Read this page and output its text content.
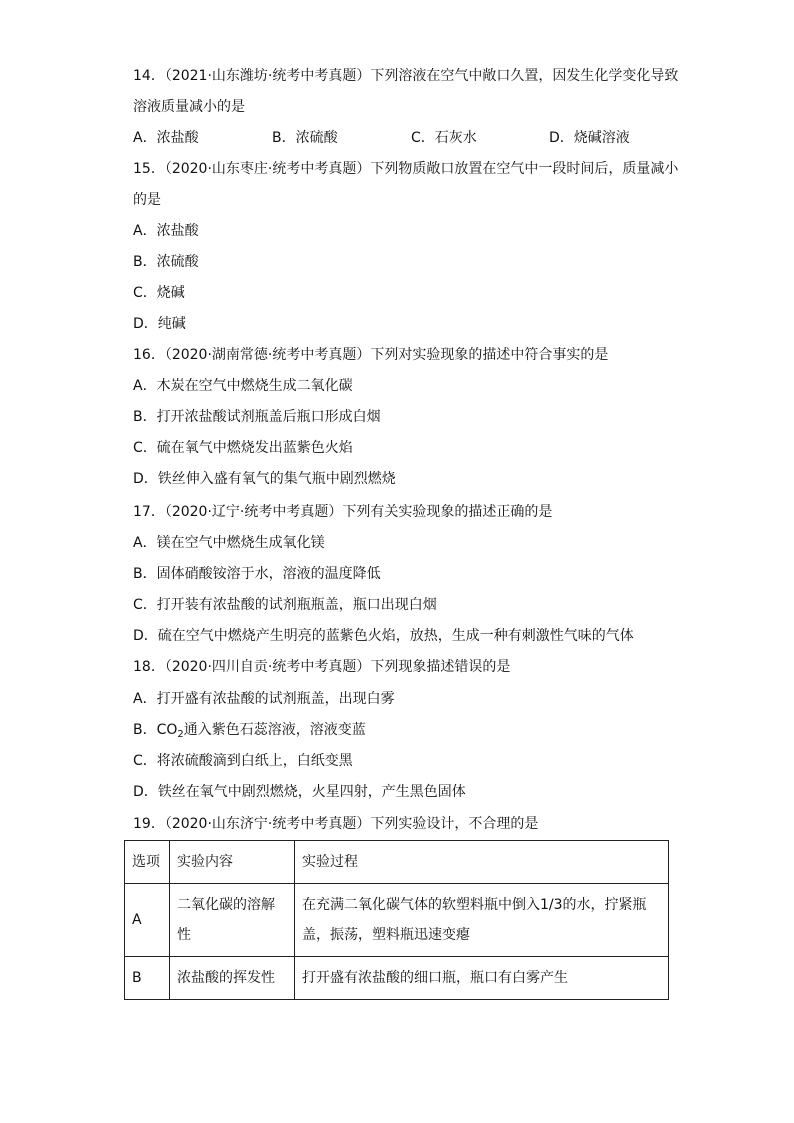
14．（2021·山东潍坊·统考中考真题）下列溶液在空气中敞口久置，因发生化学变化导致
溶液质量减小的是
A．浓盐酸	B．浓硫酸	C．石灰水	D．烧碱溶液
15．（2020·山东枣庄·统考中考真题）下列物质敞口放置在空气中一段时间后，质量减小
的是
A．浓盐酸
B．浓硫酸
C．烧碱
D．纯碱
16．（2020·湖南常德·统考中考真题）下列对实验现象的描述中符合事实的是
A．木炭在空气中燃烧生成二氧化碳
B．打开浓盐酸试剂瓶盖后瓶口形成白烟
C．硫在氧气中燃烧发出蓝紫色火焰
D．铁丝伸入盛有氧气的集气瓶中剧烈燃烧
17．（2020·辽宁·统考中考真题）下列有关实验现象的描述正确的是
A．镁在空气中燃烧生成氧化镁
B．固体硝酸铵溶于水，溶液的温度降低
C．打开装有浓盐酸的试剂瓶瓶盖，瓶口出现白烟
D．硫在空气中燃烧产生明亮的蓝紫色火焰，放热，生成一种有刺激性气味的气体
18．（2020·四川自贡·统考中考真题）下列现象描述错误的是
A．打开盛有浓盐酸的试剂瓶盖，出现白雾
B．$CO_2$通入紫色石蕊溶液，溶液变蓝
C．将浓硫酸滴到白纸上，白纸变黑
D．铁丝在氧气中剧烈燃烧，火星四射，产生黑色固体
19．（2020·山东济宁·统考中考真题）下列实验设计，不合理的是
选项	实验内容	实验过程
A	二氧化碳的溶解性	在充满二氧化碳气体的软塑料瓶中倒入1/3的水，拧紧瓶盖，振荡，塑料瓶迅速变瘪
B	浓盐酸的挥发性	打开盛有浓盐酸的细口瓶，瓶口有白雾产生
